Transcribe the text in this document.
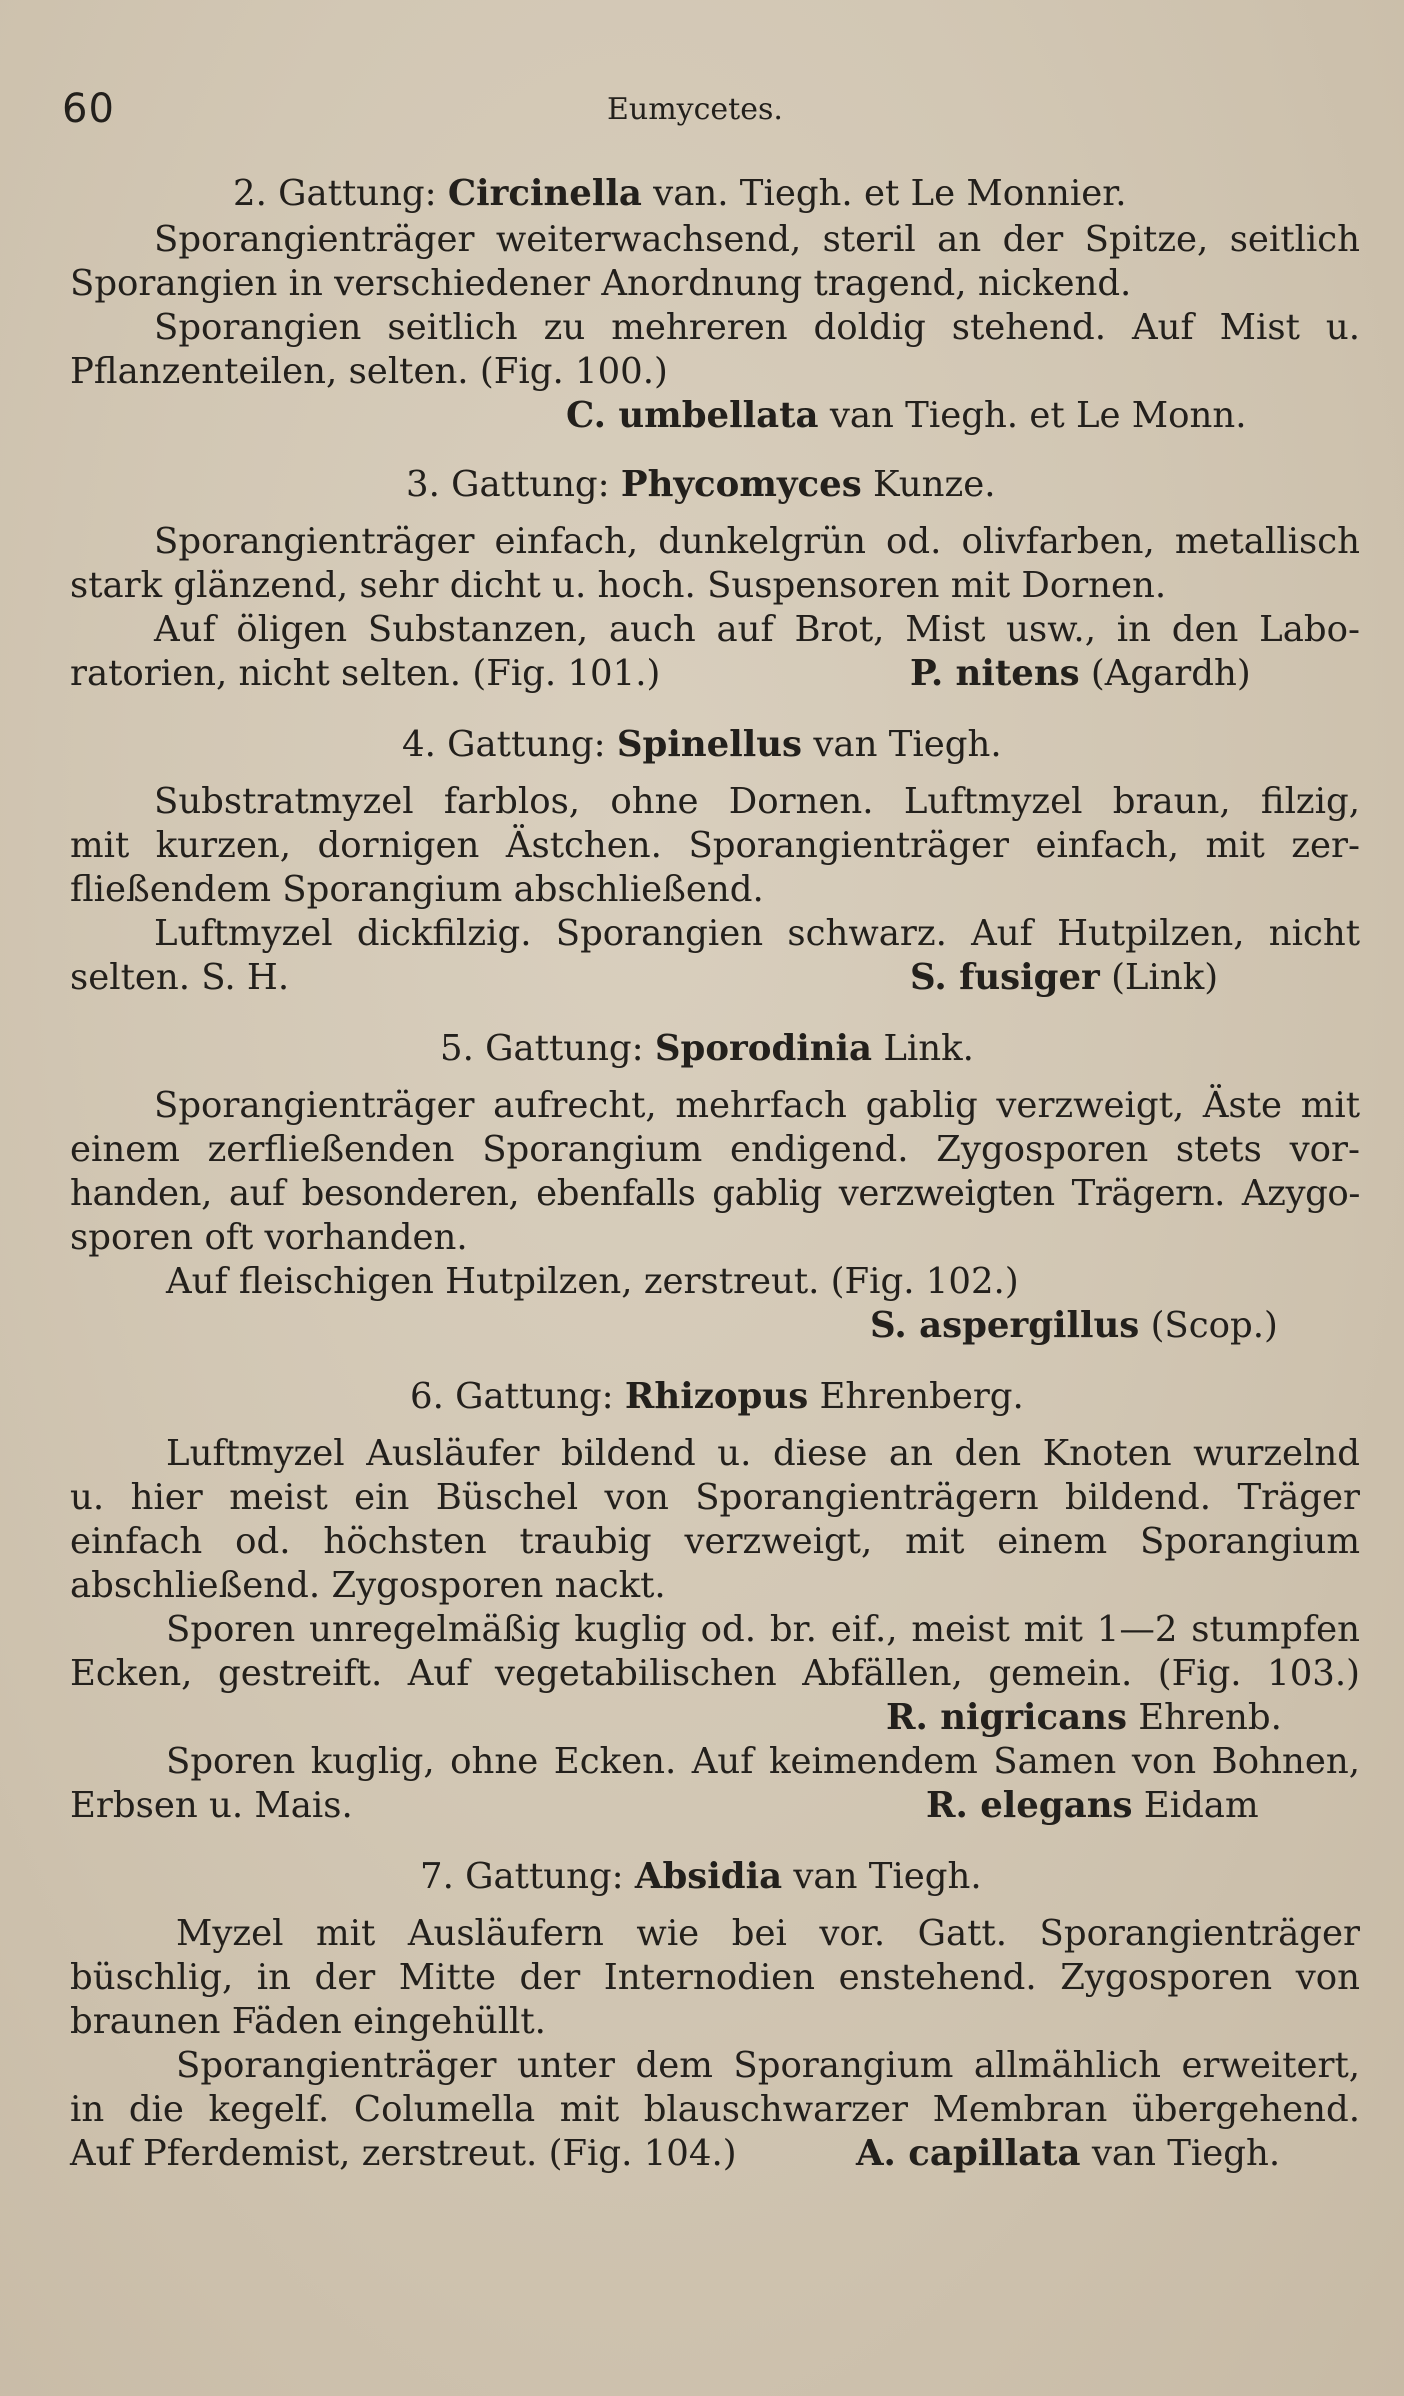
60	Eumycetes.
2. Gattung: Circinella van. Tiegh. et Le Monnier.
Sporangienträger weiterwachsend, steril an der Spitze, seitlich
Sporangien in verschiedener Anordnung tragend, nickend.
Sporangien seitlich zu mehreren doldig stehend. Auf Mist u.
Pflanzenteilen, selten. (Fig. 100.)
C. umbellata van Tiegh. et Le Monn.
3. Gattung: Phycomyces Kunze.
Sporangienträger einfach, dunkelgrün od. olivfarben, metallisch
stark glänzend, sehr dicht u. hoch. Suspensoren mit Dornen.
Auf öligen Substanzen, auch auf Brot, Mist usw., in den Labo-
ratorien, nicht selten. (Fig. 101.)	P. nitens (Agardh)
4. Gattung: Spinellus van Tiegh.
Substratmyzel farblos, ohne Dornen. Luftmyzel braun, filzig,
mit kurzen, dornigen Ästchen. Sporangienträger einfach, mit zer-
fließendem Sporangium abschließend.
Luftmyzel dickfilzig. Sporangien schwarz. Auf Hutpilzen, nicht
selten. S. H.	S. fusiger (Link)
5. Gattung: Sporodinia Link.
Sporangienträger aufrecht, mehrfach gablig verzweigt, Äste mit
einem zerfließenden Sporangium endigend. Zygosporen stets vor-
handen, auf besonderen, ebenfalls gablig verzweigten Trägern. Azygo-
sporen oft vorhanden.
Auf fleischigen Hutpilzen, zerstreut. (Fig. 102.)
S. aspergillus (Scop.)
6. Gattung: Rhizopus Ehrenberg.
Luftmyzel Ausläufer bildend u. diese an den Knoten wurzelnd
u. hier meist ein Büschel von Sporangienträgern bildend. Träger
einfach od. höchsten traubig verzweigt, mit einem Sporangium
abschließend. Zygosporen nackt.
Sporen unregelmäßig kuglig od. br. eif., meist mit 1—2 stumpfen
Ecken, gestreift. Auf vegetabilischen Abfällen, gemein. (Fig. 103.)
R. nigricans Ehrenb.
Sporen kuglig, ohne Ecken. Auf keimendem Samen von Bohnen,
Erbsen u. Mais.	R. elegans Eidam
7. Gattung: Absidia van Tiegh.
Myzel mit Ausläufern wie bei vor. Gatt. Sporangienträger
büschlig, in der Mitte der Internodien enstehend. Zygosporen von
braunen Fäden eingehüllt.
Sporangienträger unter dem Sporangium allmählich erweitert,
in die kegelf. Columella mit blauschwarzer Membran übergehend.
Auf Pferdemist, zerstreut. (Fig. 104.)	A. capillata van Tiegh.
